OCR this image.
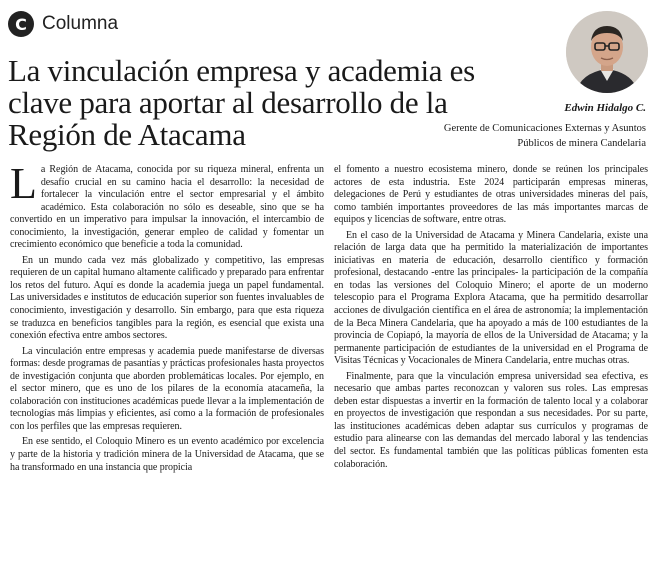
C Columna
La vinculación empresa y academia es clave para aportar al desarrollo de la Región de Atacama
Edwin Hidalgo C.
Gerente de Comunicaciones Externas y Asuntos Públicos de minera Candelaria

La Región de Atacama, conocida por su riqueza mineral, enfrenta un desafío crucial en su camino hacia el desarrollo: la necesidad de fortalecer la vinculación entre el sector empresarial y el ámbito académico. Esta colaboración no sólo es deseable, sino que se ha convertido en un imperativo para impulsar la innovación, el intercambio de conocimiento, la investigación, generar empleo de calidad y fomentar un crecimiento económico que beneficie a toda la comunidad.

En un mundo cada vez más globalizado y competitivo, las empresas requieren de un capital humano altamente calificado y preparado para enfrentar los retos del futuro. Aquí es donde la academia juega un papel fundamental. Las universidades e institutos de educación superior son fuentes invaluables de conocimiento, investigación y desarrollo. Sin embargo, para que esta riqueza se traduzca en beneficios tangibles para la región, es esencial que exista una conexión efectiva entre ambos sectores.

La vinculación entre empresas y academia puede manifestarse de diversas formas: desde programas de pasantías y prácticas profesionales hasta proyectos de investigación conjunta que aborden problemáticas locales. Por ejemplo, en el sector minero, que es uno de los pilares de la economía atacameña, la colaboración con instituciones académicas puede llevar a la implementación de tecnologías más limpias y eficientes, así como a la formación de profesionales con los perfiles que las empresas requieren.

En ese sentido, el Coloquio Minero es un evento académico por excelencia y parte de la historia y tradición minera de la Universidad de Atacama, que se ha transformado en una instancia que propicia

el fomento a nuestro ecosistema minero, donde se reúnen los principales actores de esta industria. Este 2024 participarán empresas mineras, delegaciones de Perú y estudiantes de otras universidades mineras del país, como también importantes proveedores de las más importantes marcas de equipos y licencias de software, entre otras.

En el caso de la Universidad de Atacama y Minera Candelaria, existe una relación de larga data que ha permitido la materialización de importantes iniciativas en materia de educación, desarrollo científico y formación profesional, destacando -entre las principales- la participación de la compañía en todas las versiones del Coloquio Minero; el aporte de un moderno telescopio para el Programa Explora Atacama, que ha permitido desarrollar acciones de divulgación científica en el área de astronomía; la implementación de la Beca Minera Candelaria, que ha apoyado a más de 100 estudiantes de la provincia de Copiapó, la mayoría de ellos de la Universidad de Atacama; y la permanente participación de estudiantes de la universidad en el Programa de Visitas Técnicas y Vocacionales de Minera Candelaria, entre muchas otras.

Finalmente, para que la vinculación empresa universidad sea efectiva, es necesario que ambas partes reconozcan y valoren sus roles. Las empresas deben estar dispuestas a invertir en la formación de talento local y a colaborar en proyectos de investigación que respondan a sus necesidades. Por su parte, las instituciones académicas deben adaptar sus currículos y programas de estudio para alinearse con las demandas del mercado laboral y las tendencias del sector. Es fundamental también que las políticas públicas fomenten esta colaboración.
